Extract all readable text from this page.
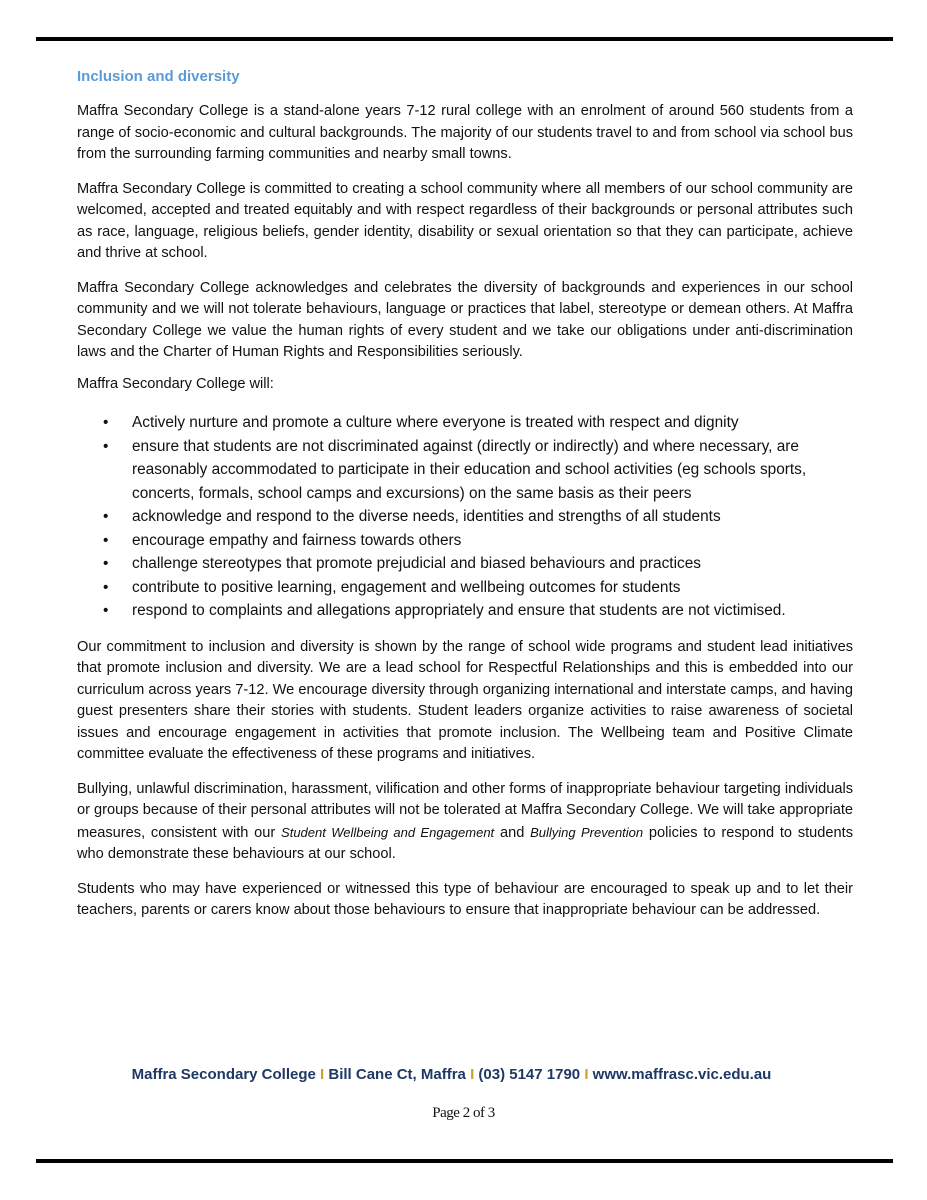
Inclusion and diversity

Maffra Secondary College is a stand-alone years 7-12 rural college with an enrolment of around 560 students from a range of socio-economic and cultural backgrounds. The majority of our students travel to and from school via school bus from the surrounding farming communities and nearby small towns.

Maffra Secondary College is committed to creating a school community where all members of our school community are welcomed, accepted and treated equitably and with respect regardless of their backgrounds or personal attributes such as race, language, religious beliefs, gender identity, disability or sexual orientation so that they can participate, achieve and thrive at school.

Maffra Secondary College acknowledges and celebrates the diversity of backgrounds and experiences in our school community and we will not tolerate behaviours, language or practices that label, stereotype or demean others. At Maffra Secondary College we value the human rights of every student and we take our obligations under anti-discrimination laws and the Charter of Human Rights and Responsibilities seriously.

Maffra Secondary College will:
• Actively nurture and promote a culture where everyone is treated with respect and dignity
• ensure that students are not discriminated against (directly or indirectly) and where necessary, are reasonably accommodated to participate in their education and school activities (eg schools sports, concerts, formals, school camps and excursions) on the same basis as their peers
• acknowledge and respond to the diverse needs, identities and strengths of all students
• encourage empathy and fairness towards others
• challenge stereotypes that promote prejudicial and biased behaviours and practices
• contribute to positive learning, engagement and wellbeing outcomes for students
• respond to complaints and allegations appropriately and ensure that students are not victimised.

Our commitment to inclusion and diversity is shown by the range of school wide programs and student lead initiatives that promote inclusion and diversity. We are a lead school for Respectful Relationships and this is embedded into our curriculum across years 7-12. We encourage diversity through organizing international and interstate camps, and having guest presenters share their stories with students. Student leaders organize activities to raise awareness of societal issues and encourage engagement in activities that promote inclusion. The Wellbeing team and Positive Climate committee evaluate the effectiveness of these programs and initiatives.

Bullying, unlawful discrimination, harassment, vilification and other forms of inappropriate behaviour targeting individuals or groups because of their personal attributes will not be tolerated at Maffra Secondary College. We will take appropriate measures, consistent with our Student Wellbeing and Engagement and Bullying Prevention policies to respond to students who demonstrate these behaviours at our school.

Students who may have experienced or witnessed this type of behaviour are encouraged to speak up and to let their teachers, parents or carers know about those behaviours to ensure that inappropriate behaviour can be addressed.

Maffra Secondary College I Bill Cane Ct, Maffra I (03) 5147 1790 I www.maffrasc.vic.edu.au
Page 2 of 3
